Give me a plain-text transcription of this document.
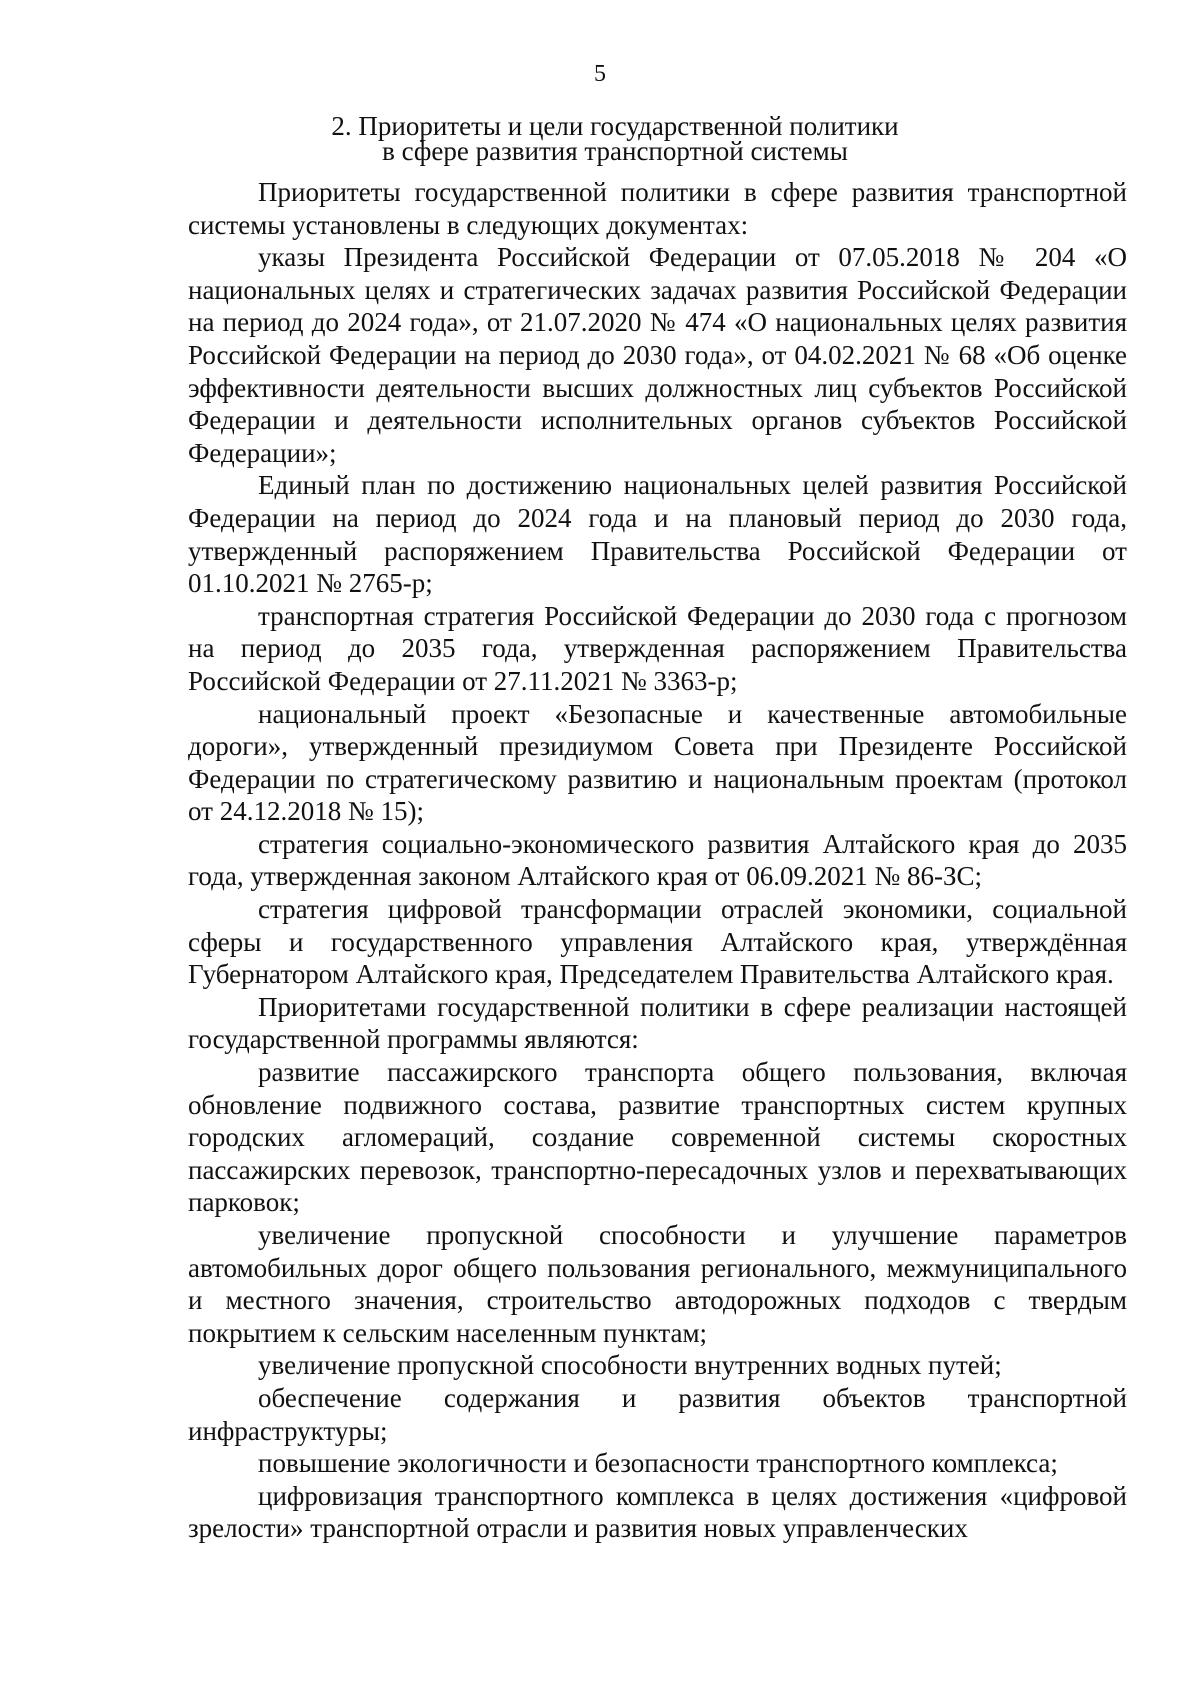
5
2. Приоритеты и цели государственной политики
в сфере развития транспортной системы

Приоритеты государственной политики в сфере развития транспортной системы установлены в следующих документах:

указы Президента Российской Федерации от 07.05.2018 № 204 «О национальных целях и стратегических задачах развития Российской Федерации на период до 2024 года», от 21.07.2020 № 474 «О национальных целях развития Российской Федерации на период до 2030 года», от 04.02.2021 № 68 «Об оценке эффективности деятельности высших должностных лиц субъектов Российской Федерации и деятельности исполнительных органов субъектов Российской Федерации»;

Единый план по достижению национальных целей развития Российской Федерации на период до 2024 года и на плановый период до 2030 года, утвержденный распоряжением Правительства Российской Федерации от 01.10.2021 № 2765-р;

транспортная стратегия Российской Федерации до 2030 года с прогнозом на период до 2035 года, утвержденная распоряжением Правительства Российской Федерации от 27.11.2021 № 3363-р;

национальный проект «Безопасные и качественные автомобильные дороги», утвержденный президиумом Совета при Президенте Российской Федерации по стратегическому развитию и национальным проектам (протокол от 24.12.2018 № 15);

стратегия социально-экономического развития Алтайского края до 2035 года, утвержденная законом Алтайского края от 06.09.2021 № 86-ЗС;

стратегия цифровой трансформации отраслей экономики, социальной сферы и государственного управления Алтайского края, утверждённая Губернатором Алтайского края, Председателем Правительства Алтайского края.

Приоритетами государственной политики в сфере реализации настоящей государственной программы являются:

развитие пассажирского транспорта общего пользования, включая обновление подвижного состава, развитие транспортных систем крупных городских агломераций, создание современной системы скоростных пассажирских перевозок, транспортно-пересадочных узлов и перехватывающих парковок;

увеличение пропускной способности и улучшение параметров автомобильных дорог общего пользования регионального, межмуниципального и местного значения, строительство автодорожных подходов с твердым покрытием к сельским населенным пунктам;

увеличение пропускной способности внутренних водных путей;

обеспечение содержания и развития объектов транспортной инфраструктуры;

повышение экологичности и безопасности транспортного комплекса;

цифровизация транспортного комплекса в целях достижения «цифровой зрелости» транспортной отрасли и развития новых управленческих
